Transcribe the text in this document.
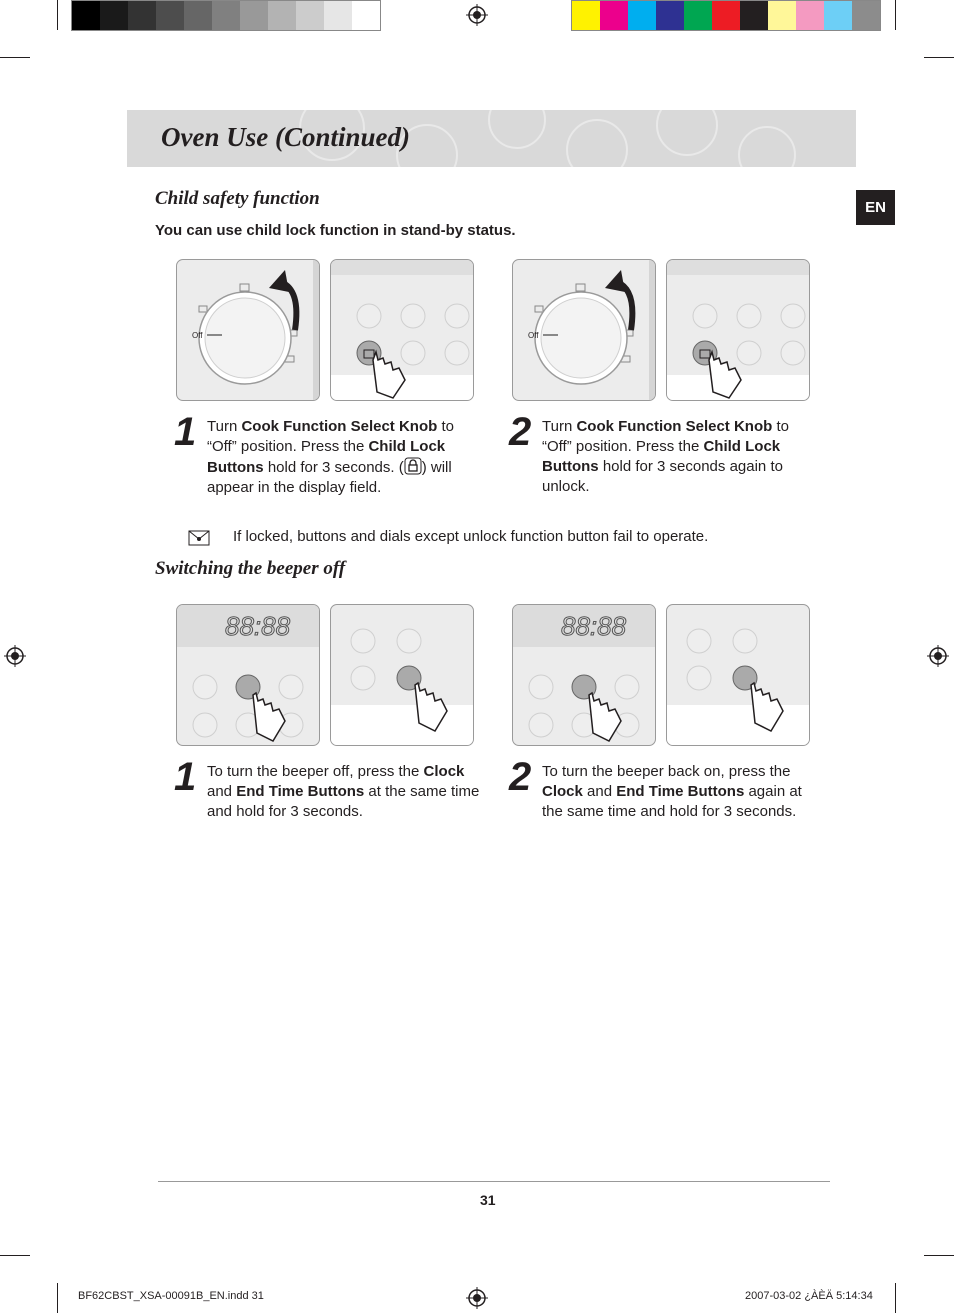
Oven Use (Continued)
EN
Child safety function
You can use child lock function in stand-by status.
Off	Off
1 Turn Cook Function Select Knob to “Off” position. Press the Child Lock Buttons hold for 3 seconds. ( ) will appear in the display field.
2 Turn Cook Function Select Knob to “Off” position. Press the Child Lock Buttons hold for 3 seconds again to unlock.
If locked, buttons and dials except unlock function button fail to operate.
Switching the beeper off
88:88	88:88
1 To turn the beeper off, press the Clock and End Time Buttons at the same time and hold for 3 seconds.
2 To turn the beeper back on, press the Clock and End Time Buttons again at the same time and hold for 3 seconds.
31
BF62CBST_XSA-00091B_EN.indd 31	2007-03-02 ¿ÀÈÄ 5:14:34
